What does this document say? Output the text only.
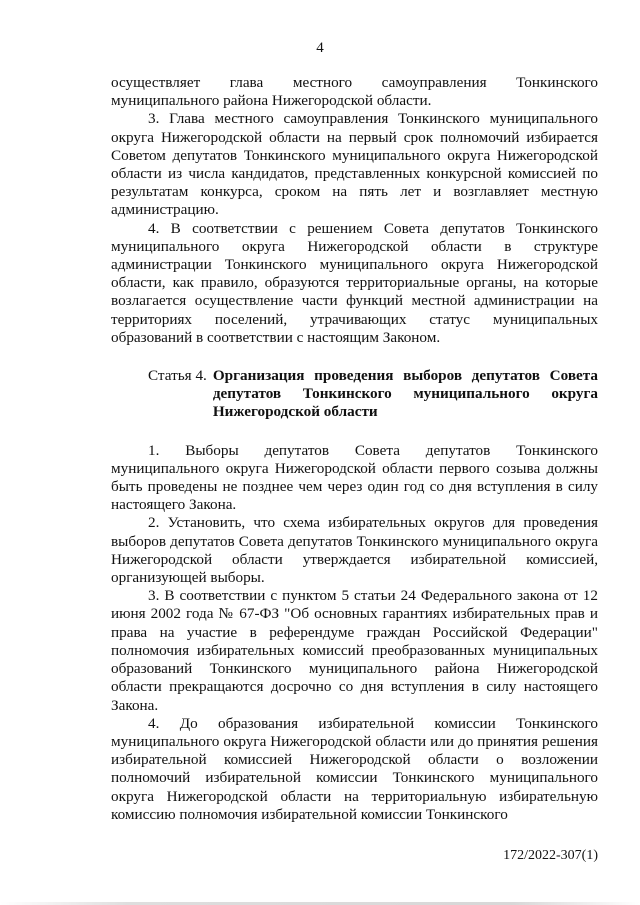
4

осуществляет глава местного самоуправления Тонкинского муниципального района Нижегородской области.

3. Глава местного самоуправления Тонкинского муниципального округа Нижегородской области на первый срок полномочий избирается Советом депутатов Тонкинского муниципального округа Нижегородской области из числа кандидатов, представленных конкурсной комиссией по результатам конкурса, сроком на пять лет и возглавляет местную администрацию.

4. В соответствии с решением Совета депутатов Тонкинского муниципального округа Нижегородской области в структуре администрации Тонкинского муниципального округа Нижегородской области, как правило, образуются территориальные органы, на которые возлагается осуществление части функций местной администрации на территориях поселений, утрачивающих статус муниципальных образований в соответствии с настоящим Законом.

Статья 4. Организация проведения выборов депутатов Совета депутатов Тонкинского муниципального округа Нижегородской области

1. Выборы депутатов Совета депутатов Тонкинского муниципального округа Нижегородской области первого созыва должны быть проведены не позднее чем через один год со дня вступления в силу настоящего Закона.

2. Установить, что схема избирательных округов для проведения выборов депутатов Совета депутатов Тонкинского муниципального округа Нижегородской области утверждается избирательной комиссией, организующей выборы.

3. В соответствии с пунктом 5 статьи 24 Федерального закона от 12 июня 2002 года № 67-ФЗ "Об основных гарантиях избирательных прав и права на участие в референдуме граждан Российской Федерации" полномочия избирательных комиссий преобразованных муниципальных образований Тонкинского муниципального района Нижегородской области прекращаются досрочно со дня вступления в силу настоящего Закона.

4. До образования избирательной комиссии Тонкинского муниципального округа Нижегородской области или до принятия решения избирательной комиссией Нижегородской области о возложении полномочий избирательной комиссии Тонкинского муниципального округа Нижегородской области на территориальную избирательную комиссию полномочия избирательной комиссии Тонкинского

172/2022-307(1)
